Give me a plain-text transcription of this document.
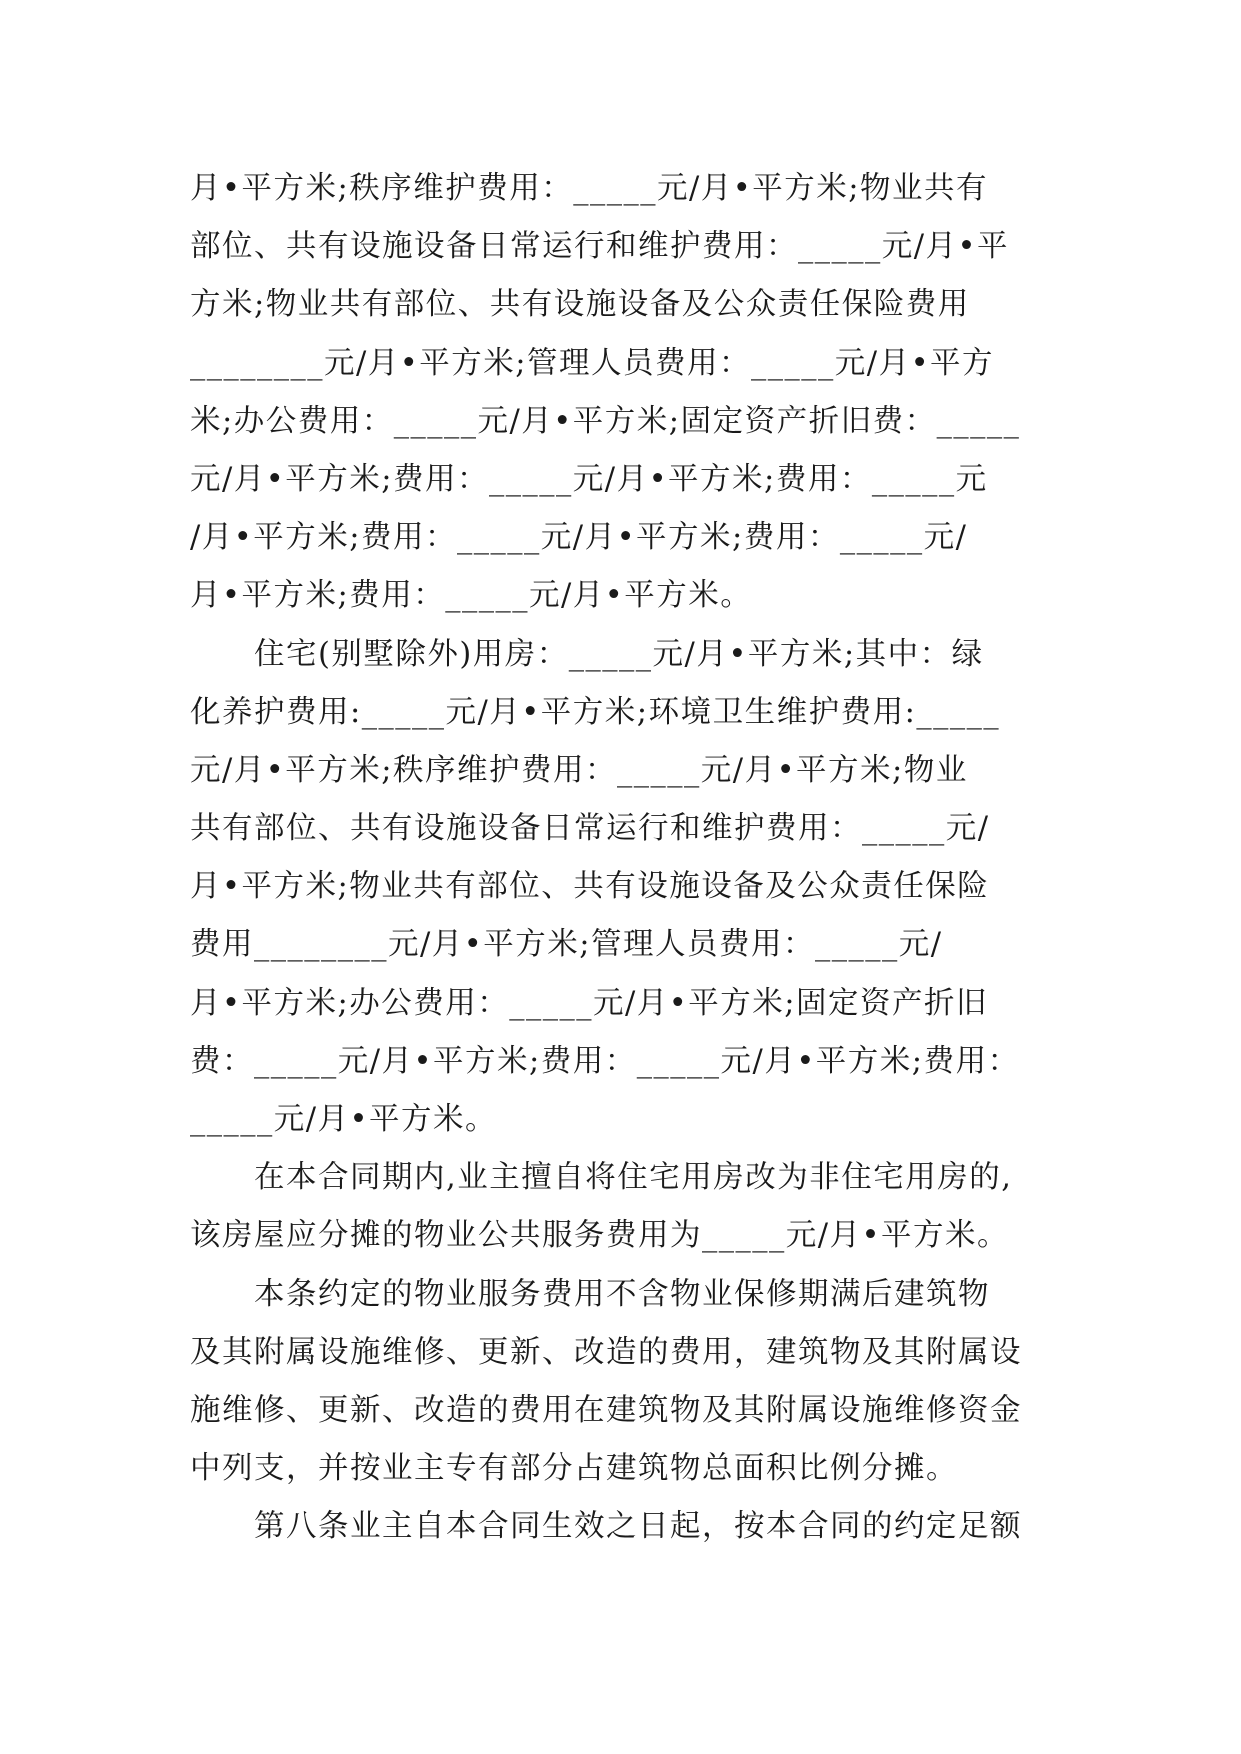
月•平方米;秩序维护费用：_____元/月•平方米;物业共有
部位、共有设施设备日常运行和维护费用：_____元/月•平
方米;物业共有部位、共有设施设备及公众责任保险费用
________元/月•平方米;管理人员费用：_____元/月•平方
米;办公费用：_____元/月•平方米;固定资产折旧费：_____
元/月•平方米;费用：_____元/月•平方米;费用：_____元
/月•平方米;费用：_____元/月•平方米;费用：_____元/
月•平方米;费用：_____元/月•平方米。
住宅(别墅除外)用房：_____元/月•平方米;其中：绿
化养护费用:_____元/月•平方米;环境卫生维护费用:_____
元/月•平方米;秩序维护费用：_____元/月•平方米;物业
共有部位、共有设施设备日常运行和维护费用：_____元/
月•平方米;物业共有部位、共有设施设备及公众责任保险
费用________元/月•平方米;管理人员费用：_____元/
月•平方米;办公费用：_____元/月•平方米;固定资产折旧
费：_____元/月•平方米;费用：_____元/月•平方米;费用：
_____元/月•平方米。
在本合同期内,业主擅自将住宅用房改为非住宅用房的,
该房屋应分摊的物业公共服务费用为_____元/月•平方米。
本条约定的物业服务费用不含物业保修期满后建筑物
及其附属设施维修、更新、改造的费用，建筑物及其附属设
施维修、更新、改造的费用在建筑物及其附属设施维修资金
中列支，并按业主专有部分占建筑物总面积比例分摊。
第八条业主自本合同生效之日起，按本合同的约定足额
